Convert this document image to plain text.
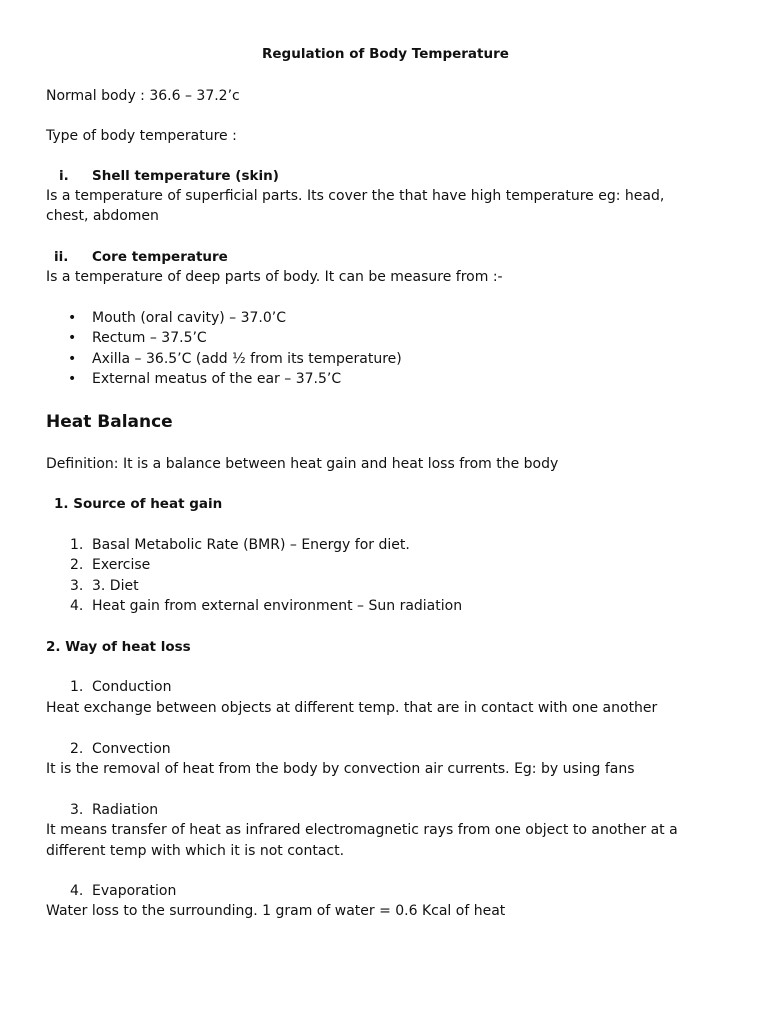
Regulation of Body Temperature
Normal body : 36.6 – 37.2’c
Type of body temperature :
i. Shell temperature (skin)
Is a temperature of superficial parts. Its cover the that have high temperature eg: head,
chest, abdomen
ii. Core temperature
Is a temperature of deep parts of body. It can be measure from :-
• Mouth (oral cavity) – 37.0’C
• Rectum – 37.5’C
• Axilla – 36.5’C (add ½ from its temperature)
• External meatus of the ear – 37.5’C
Heat Balance
Definition: It is a balance between heat gain and heat loss from the body
1. Source of heat gain
1. Basal Metabolic Rate (BMR) – Energy for diet.
2. Exercise
3. 3. Diet
4. Heat gain from external environment – Sun radiation
2. Way of heat loss
1. Conduction
Heat exchange between objects at different temp. that are in contact with one another
2. Convection
It is the removal of heat from the body by convection air currents. Eg: by using fans
3. Radiation
It means transfer of heat as infrared electromagnetic rays from one object to another at a
different temp with which it is not contact.
4. Evaporation
Water loss to the surrounding. 1 gram of water = 0.6 Kcal of heat
